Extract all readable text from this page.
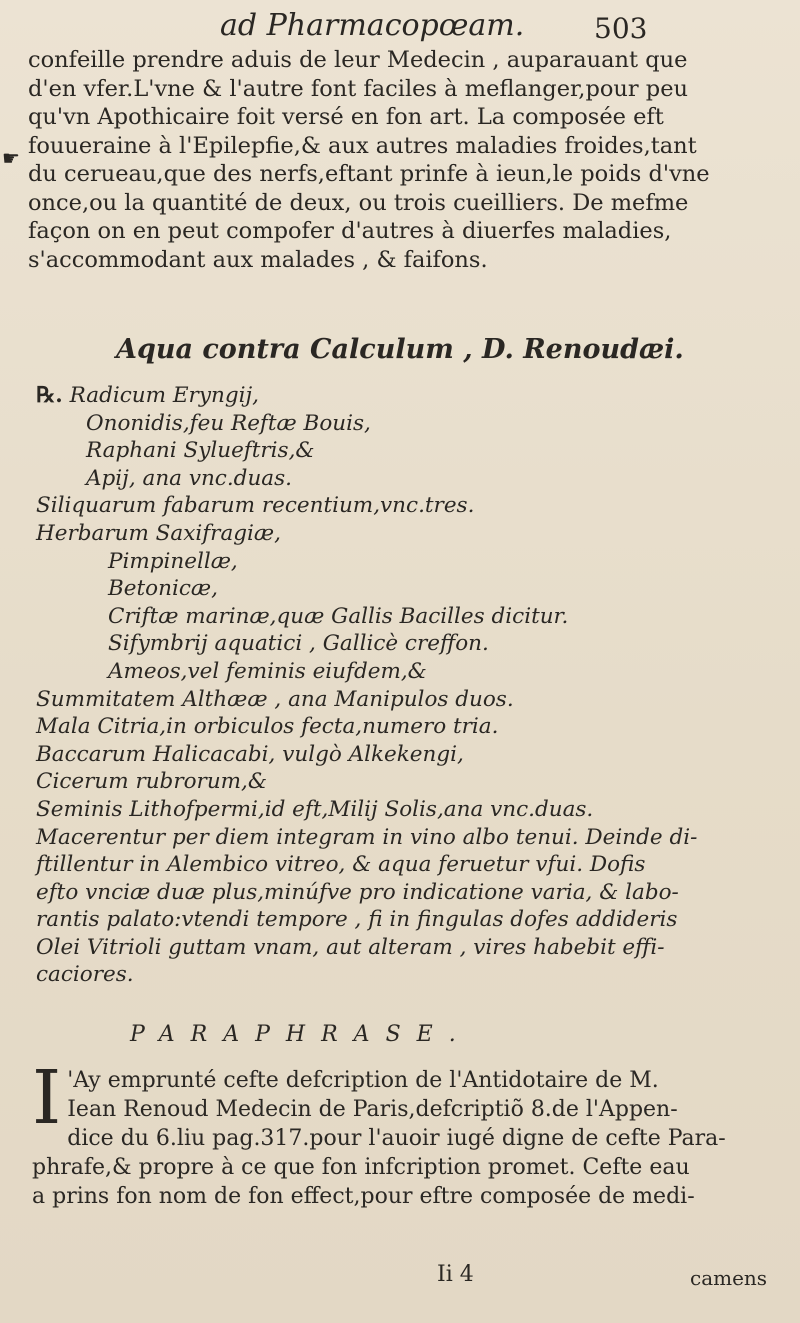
ad Pharmacopœam. 503
☛
confeille prendre aduis de leur Medecin , auparauant que
d'en vfer.L'vne & l'autre font faciles à meflanger,pour peu
qu'vn Apothicaire foit versé en fon art. La composée eft
fouueraine à l'Epilepfie,& aux autres maladies froides,tant
du cerueau,que des nerfs,eftant prinfe à ieun,le poids d'vne
once,ou la quantité de deux, ou trois cueilliers. De mefme
façon on en peut compofer d'autres à diuerfes maladies,
s'accommodant aux malades , & faifons.
Aqua contra Calculum , D. Renoudæi.
℞. Radicum Eryngij,
Ononidis,feu Reftæ Bouis,
Raphani Sylueftris,&
Apij, ana vnc.duas.
Siliquarum fabarum recentium,vnc.tres.
Herbarum Saxifragiæ,
Pimpinellæ,
Betonicæ,
Criftæ marinæ,quæ Gallis Bacilles dicitur.
Sifymbrij aquatici , Gallicè creffon.
Ameos,vel feminis eiufdem,&
Summitatem Althææ , ana Manipulos duos.
Mala Citria,in orbiculos fecta,numero tria.
Baccarum Halicacabi, vulgò Alkekengi,
Cicerum rubrorum,&
Seminis Lithofpermi,id eft,Milij Solis,ana vnc.duas.
Macerentur per diem integram in vino albo tenui. Deinde di-
ftillentur in Alembico vitreo, & aqua feruetur vfui. Dofis
efto vnciæ duæ plus,minúfve pro indicatione varia, & labo-
rantis palato:vtendi tempore , fi in fingulas dofes addideris
Olei Vitrioli guttam vnam, aut alteram , vires habebit effi-
caciores.
PARAPHRASE.
I 'Ay emprunté cefte defcription de l'Antidotaire de M.
Iean Renoud Medecin de Paris,defcriptiõ 8.de l'Appen-
dice du 6.liu pag.317.pour l'auoir iugé digne de cefte Para-
phrafe,& propre à ce que fon infcription promet. Cefte eau
a prins fon nom de fon effect,pour eftre composée de medi-
Ii 4	camens
